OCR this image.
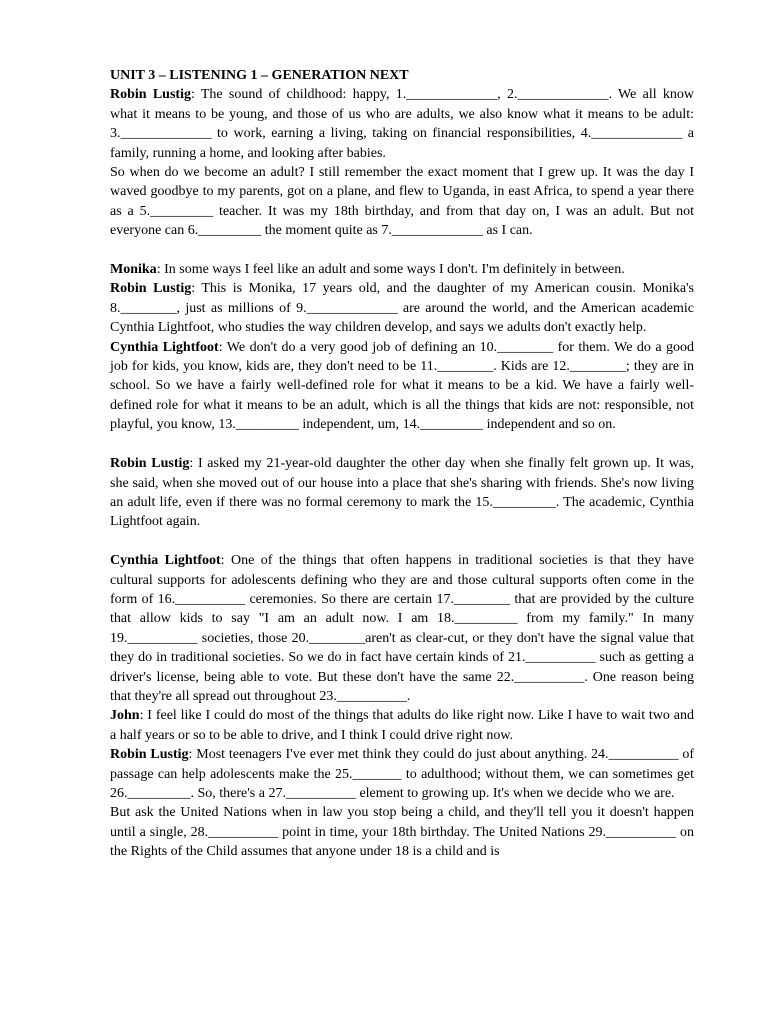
UNIT 3 – LISTENING 1 – GENERATION NEXT

Robin Lustig: The sound of childhood: happy, 1._____________, 2._____________. We all know what it means to be young, and those of us who are adults, we also know what it means to be adult: 3._____________ to work, earning a living, taking on financial responsibilities, 4._____________ a family, running a home, and looking after babies.

So when do we become an adult? I still remember the exact moment that I grew up. It was the day I waved goodbye to my parents, got on a plane, and flew to Uganda, in east Africa, to spend a year there as a 5._________ teacher. It was my 18th birthday, and from that day on, I was an adult. But not everyone can 6._________ the moment quite as 7._____________ as I can.

Monika: In some ways I feel like an adult and some ways I don't. I'm definitely in between.

Robin Lustig: This is Monika, 17 years old, and the daughter of my American cousin. Monika's 8.________, just as millions of 9._____________ are around the world, and the American academic Cynthia Lightfoot, who studies the way children develop, and says we adults don't exactly help.

Cynthia Lightfoot: We don't do a very good job of defining an 10.________ for them. We do a good job for kids, you know, kids are, they don't need to be 11.________. Kids are 12.________; they are in school. So we have a fairly well-defined role for what it means to be a kid. We have a fairly well-defined role for what it means to be an adult, which is all the things that kids are not: responsible, not playful, you know, 13._________ independent, um, 14._________ independent and so on.

Robin Lustig: I asked my 21-year-old daughter the other day when she finally felt grown up. It was, she said, when she moved out of our house into a place that she's sharing with friends. She's now living an adult life, even if there was no formal ceremony to mark the 15._________. The academic, Cynthia Lightfoot again.

Cynthia Lightfoot: One of the things that often happens in traditional societies is that they have cultural supports for adolescents defining who they are and those cultural supports often come in the form of 16.__________ ceremonies. So there are certain 17.________ that are provided by the culture that allow kids to say "I am an adult now. I am 18._________ from my family." In many 19.__________ societies, those 20.________aren't as clear-cut, or they don't have the signal value that they do in traditional societies. So we do in fact have certain kinds of 21.__________ such as getting a driver's license, being able to vote. But these don't have the same 22.__________. One reason being that they're all spread out throughout 23.__________.

John: I feel like I could do most of the things that adults do like right now. Like I have to wait two and a half years or so to be able to drive, and I think I could drive right now.

Robin Lustig: Most teenagers I've ever met think they could do just about anything. 24.__________ of passage can help adolescents make the 25._______ to adulthood; without them, we can sometimes get 26._________. So, there's a 27.__________ element to growing up. It's when we decide who we are.

But ask the United Nations when in law you stop being a child, and they'll tell you it doesn't happen until a single, 28.__________ point in time, your 18th birthday. The United Nations 29.__________ on the Rights of the Child assumes that anyone under 18 is a child and is
